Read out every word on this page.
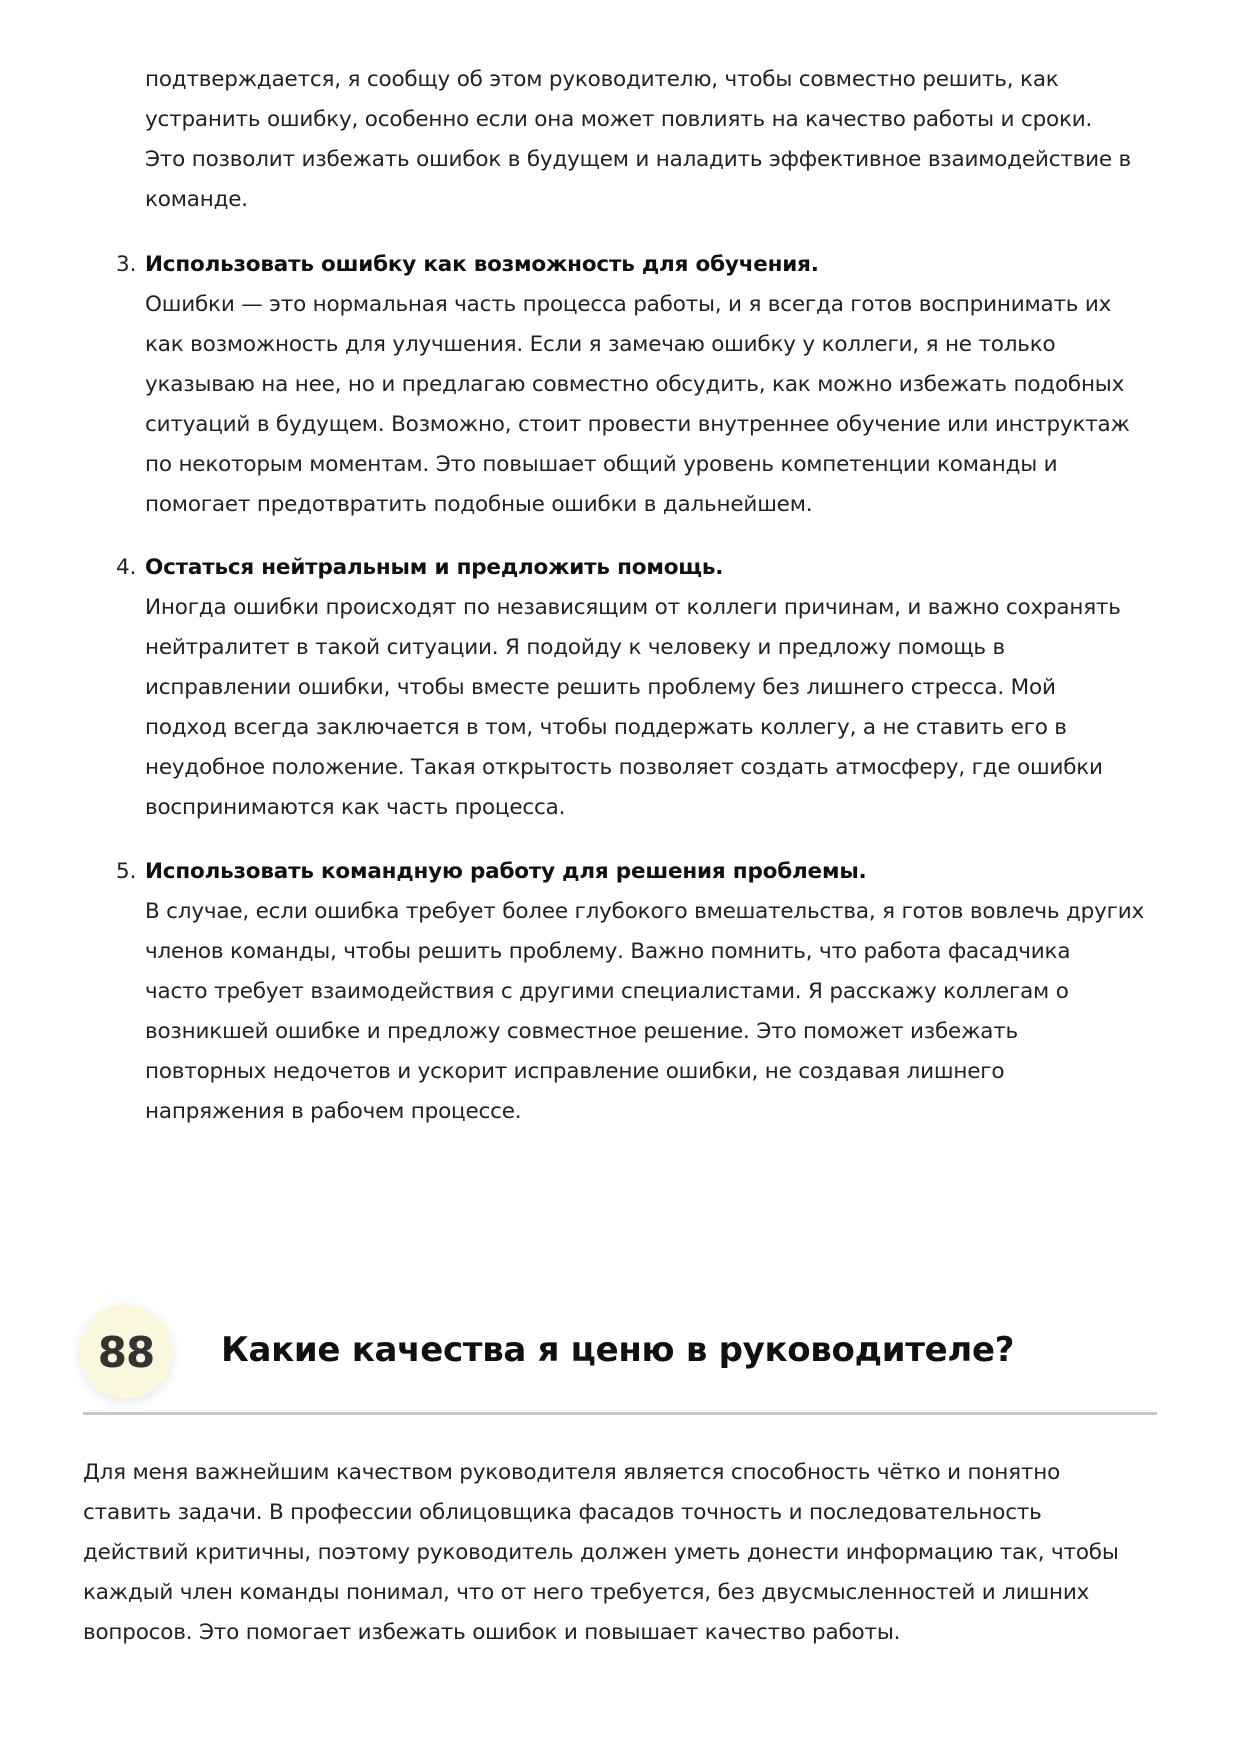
подтверждается, я сообщу об этом руководителю, чтобы совместно решить, как
устранить ошибку, особенно если она может повлиять на качество работы и сроки.
Это позволит избежать ошибок в будущем и наладить эффективное взаимодействие в
команде.
3. Использовать ошибку как возможность для обучения.
Ошибки — это нормальная часть процесса работы, и я всегда готов воспринимать их
как возможность для улучшения. Если я замечаю ошибку у коллеги, я не только
указываю на нее, но и предлагаю совместно обсудить, как можно избежать подобных
ситуаций в будущем. Возможно, стоит провести внутреннее обучение или инструктаж
по некоторым моментам. Это повышает общий уровень компетенции команды и
помогает предотвратить подобные ошибки в дальнейшем.
4. Остаться нейтральным и предложить помощь.
Иногда ошибки происходят по независящим от коллеги причинам, и важно сохранять
нейтралитет в такой ситуации. Я подойду к человеку и предложу помощь в
исправлении ошибки, чтобы вместе решить проблему без лишнего стресса. Мой
подход всегда заключается в том, чтобы поддержать коллегу, а не ставить его в
неудобное положение. Такая открытость позволяет создать атмосферу, где ошибки
воспринимаются как часть процесса.
5. Использовать командную работу для решения проблемы.
В случае, если ошибка требует более глубокого вмешательства, я готов вовлечь других
членов команды, чтобы решить проблему. Важно помнить, что работа фасадчика
часто требует взаимодействия с другими специалистами. Я расскажу коллегам о
возникшей ошибке и предложу совместное решение. Это поможет избежать
повторных недочетов и ускорит исправление ошибки, не создавая лишнего
напряжения в рабочем процессе.
88	Какие качества я ценю в руководителе?
Для меня важнейшим качеством руководителя является способность чётко и понятно
ставить задачи. В профессии облицовщика фасадов точность и последовательность
действий критичны, поэтому руководитель должен уметь донести информацию так, чтобы
каждый член команды понимал, что от него требуется, без двусмысленностей и лишних
вопросов. Это помогает избежать ошибок и повышает качество работы.
